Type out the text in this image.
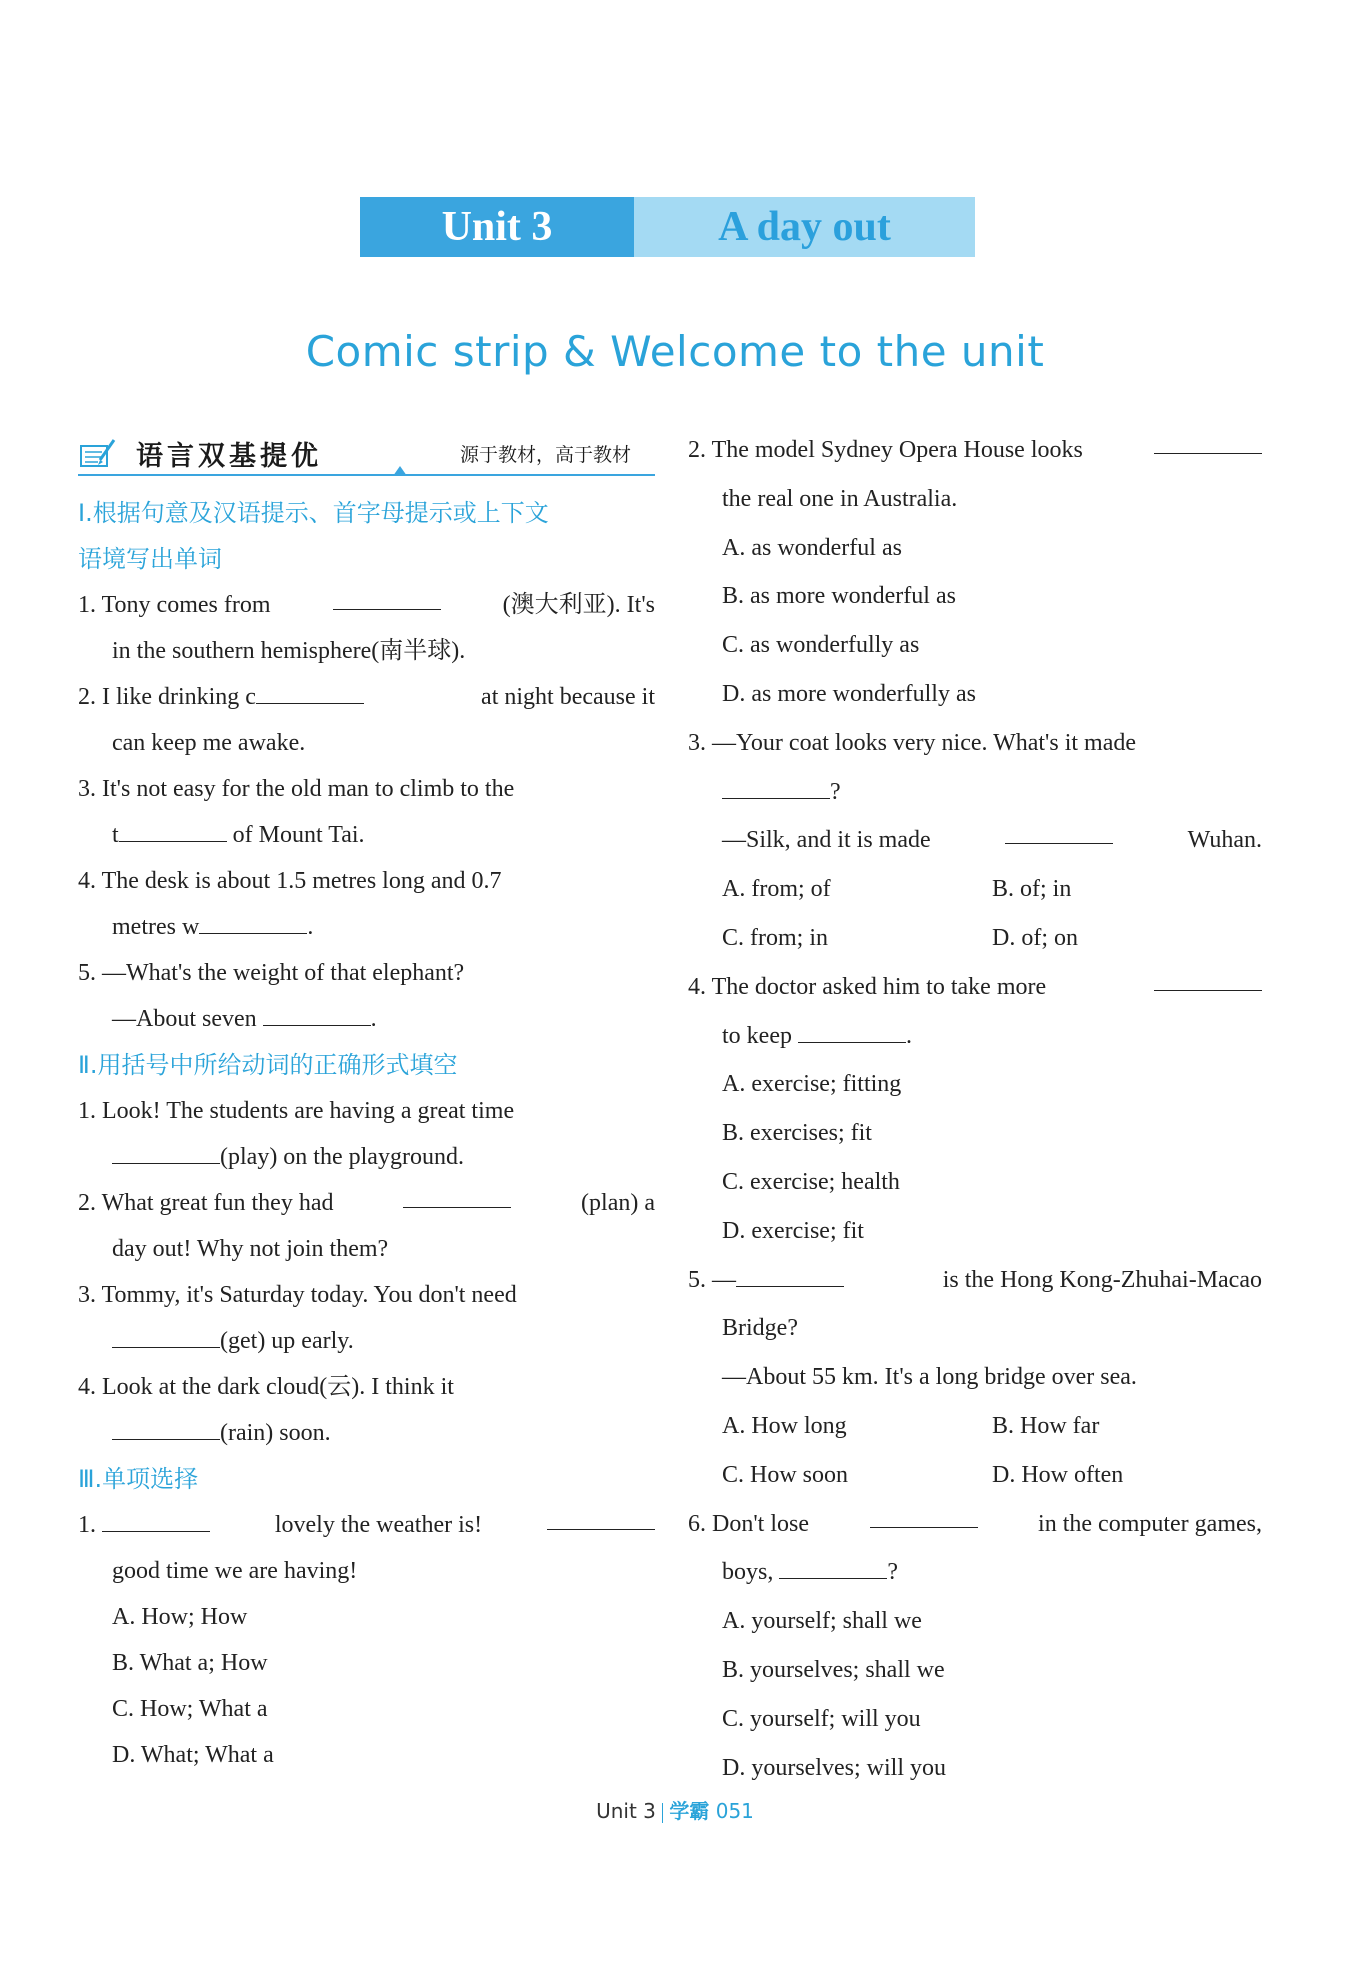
Unit 3	A day out
Comic strip & Welcome to the unit
语言双基提优	源于教材，高于教材
Ⅰ.根据句意及汉语提示、首字母提示或上下文
语境写出单词
1. Tony comes from	(澳大利亚). It's
in the southern hemisphere(南半球).
2. I like drinking c	at night because it
can keep me awake.
3. It's not easy for the old man to climb to the
t	of Mount Tai.
4. The desk is about 1.5 metres long and 0.7
metres w	.
5. —What's the weight of that elephant?
—About seven	.
Ⅱ.用括号中所给动词的正确形式填空
1. Look! The students are having a great time
(play) on the playground.
2. What great fun they had	(plan) a
day out! Why not join them?
3. Tommy, it's Saturday today. You don't need
(get) up early.
4. Look at the dark cloud(云). I think it
(rain) soon.
Ⅲ.单项选择
1.	lovely the weather is!
good time we are having!
A. How; How
B. What a; How
C. How; What a
D. What; What a
2. The model Sydney Opera House looks
the real one in Australia.
A. as wonderful as
B. as more wonderful as
C. as wonderfully as
D. as more wonderfully as
3. —Your coat looks very nice. What's it made
?
—Silk, and it is made	Wuhan.
A. from; of	B. of; in
C. from; in	D. of; on
4. The doctor asked him to take more
to keep	.
A. exercise; fitting
B. exercises; fit
C. exercise; health
D. exercise; fit
5. —	is the Hong Kong-Zhuhai-Macao
Bridge?
—About 55 km. It's a long bridge over sea.
A. How long	B. How far
C. How soon	D. How often
6. Don't lose	in the computer games,
boys,	?
A. yourself; shall we
B. yourselves; shall we
C. yourself; will you
D. yourselves; will you
Unit 3 学霸 051
